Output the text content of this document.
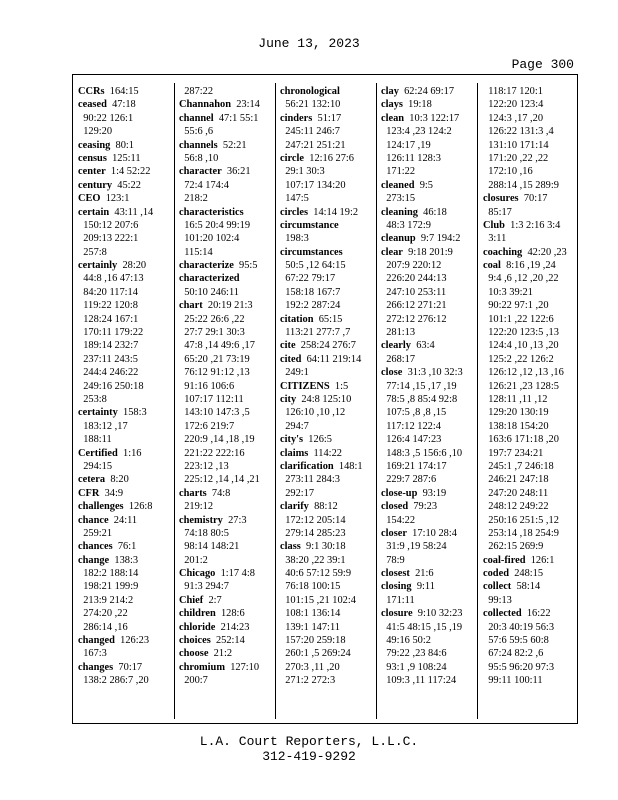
June 13, 2023
Page 300
CCRs 164:15
ceased 47:18
90:22 126:1
129:20
ceasing 80:1
census 125:11
center 1:4 52:22
century 45:22
CEO 123:1
certain 43:11 ,14
150:12 207:6
209:13 222:1
257:8
certainly 28:20
44:8 ,16 47:13
84:20 117:14
119:22 120:8
128:24 167:1
170:11 179:22
189:14 232:7
237:11 243:5
244:4 246:22
249:16 250:18
253:8
certainty 158:3
183:12 ,17
188:11
Certified 1:16
294:15
cetera 8:20
CFR 34:9
challenges 126:8
chance 24:11
259:21
chances 76:1
change 138:3
182:2 188:14
198:21 199:9
213:9 214:2
274:20 ,22
286:14 ,16
changed 126:23
167:3
changes 70:17
138:2 286:7 ,20
287:22
Channahon 23:14
channel 47:1 55:1
55:6 ,6
channels 52:21
56:8 ,10
character 36:21
72:4 174:4
218:2
characteristics
16:5 20:4 99:19
101:20 102:4
115:14
characterize 95:5
characterized
50:10 246:11
chart 20:19 21:3
25:22 26:6 ,22
27:7 29:1 30:3
47:8 ,14 49:6 ,17
65:20 ,21 73:19
76:12 91:12 ,13
91:16 106:6
107:17 112:11
143:10 147:3 ,5
172:6 219:7
220:9 ,14 ,18 ,19
221:22 222:16
223:12 ,13
225:12 ,14 ,14 ,21
charts 74:8
219:12
chemistry 27:3
74:18 80:5
98:14 148:21
201:2
Chicago 1:17 4:8
91:3 294:7
Chief 2:7
children 128:6
chloride 214:23
choices 252:14
choose 21:2
chromium 127:10
200:7
chronological
56:21 132:10
cinders 51:17
245:11 246:7
247:21 251:21
circle 12:16 27:6
29:1 30:3
107:17 134:20
147:5
circles 14:14 19:2
circumstance
198:3
circumstances
50:5 ,12 64:15
67:22 79:17
158:18 167:7
192:2 287:24
citation 65:15
113:21 277:7 ,7
cite 258:24 276:7
cited 64:11 219:14
249:1
CITIZENS 1:5
city 24:8 125:10
126:10 ,10 ,12
294:7
city's 126:5
claims 114:22
clarification 148:1
273:11 284:3
292:17
clarify 88:12
172:12 205:14
279:14 285:23
class 9:1 30:18
38:20 ,22 39:1
40:6 57:12 59:9
76:18 100:15
101:15 ,21 102:4
108:1 136:14
139:1 147:11
157:20 259:18
260:1 ,5 269:24
270:3 ,11 ,20
271:2 272:3
clay 62:24 69:17
clays 19:18
clean 10:3 122:17
123:4 ,23 124:2
124:17 ,19
126:11 128:3
171:22
cleaned 9:5
273:15
cleaning 46:18
48:3 172:9
cleanup 9:7 194:2
clear 9:18 201:9
207:9 220:12
226:20 244:13
247:10 253:11
266:12 271:21
272:12 276:12
281:13
clearly 63:4
268:17
close 31:3 ,10 32:3
77:14 ,15 ,17 ,19
78:5 ,8 85:4 92:8
107:5 ,8 ,8 ,15
117:12 122:4
126:4 147:23
148:3 ,5 156:6 ,10
169:21 174:17
229:7 287:6
close-up 93:19
closed 79:23
154:22
closer 17:10 28:4
31:9 ,19 58:24
78:9
closest 21:6
closing 9:11
171:11
closure 9:10 32:23
41:5 48:15 ,15 ,19
49:16 50:2
79:22 ,23 84:6
93:1 ,9 108:24
109:3 ,11 117:24
118:17 120:1
122:20 123:4
124:3 ,17 ,20
126:22 131:3 ,4
131:10 171:14
171:20 ,22 ,22
172:10 ,16
288:14 ,15 289:9
closures 70:17
85:17
Club 1:3 2:16 3:4
3:11
coaching 42:20 ,23
coal 8:16 ,19 ,24
9:4 ,6 ,12 ,20 ,22
10:3 39:21
90:22 97:1 ,20
101:1 ,22 122:6
122:20 123:5 ,13
124:4 ,10 ,13 ,20
125:2 ,22 126:2
126:12 ,12 ,13 ,16
126:21 ,23 128:5
128:11 ,11 ,12
129:20 130:19
138:18 154:20
163:6 171:18 ,20
197:7 234:21
245:1 ,7 246:18
246:21 247:18
247:20 248:11
248:12 249:22
250:16 251:5 ,12
253:14 ,18 254:9
262:15 269:9
coal-fired 126:1
coded 248:15
collect 58:14
99:13
collected 16:22
20:3 40:19 56:3
57:6 59:5 60:8
67:24 82:2 ,6
95:5 96:20 97:3
99:11 100:11
L.A. Court Reporters, L.L.C.
312-419-9292
